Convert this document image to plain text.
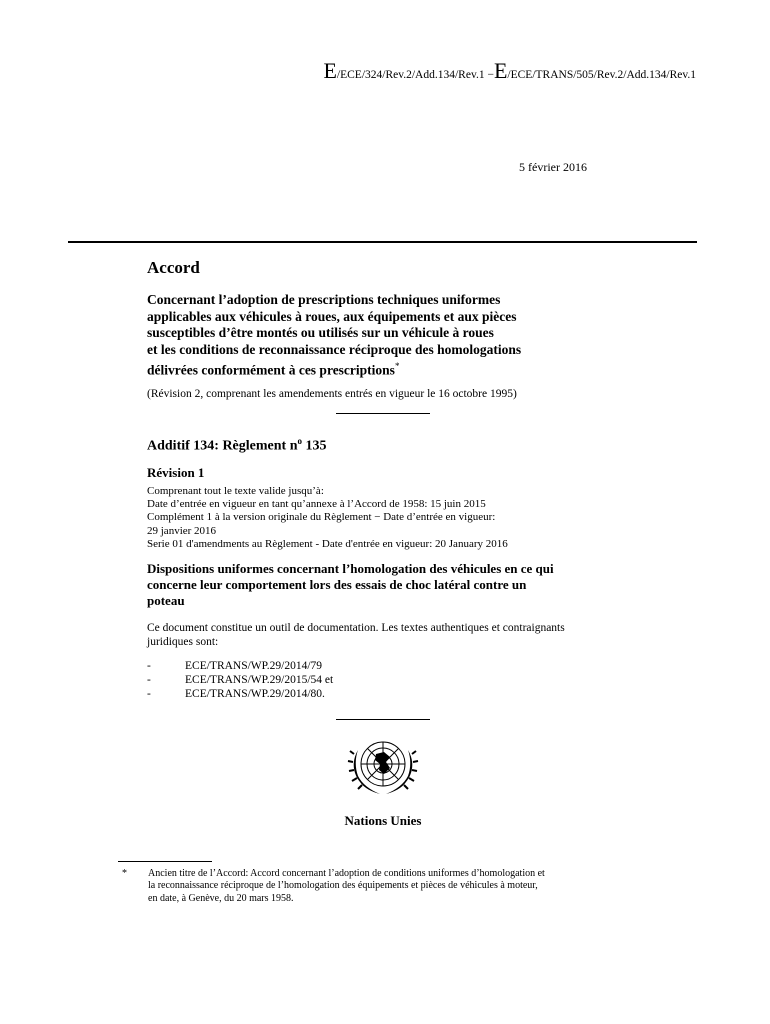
E/ECE/324/Rev.2/Add.134/Rev.1 −E/ECE/TRANS/505/Rev.2/Add.134/Rev.1
5 février 2016
Accord
Concernant l’adoption de prescriptions techniques uniformes
applicables aux véhicules à roues, aux équipements et aux pièces
susceptibles d’être montés ou utilisés sur un véhicule à roues
et les conditions de reconnaissance réciproque des homologations
délivrées conformément à ces prescriptions*

(Révision 2, comprenant les amendements entrés en vigueur le 16 octobre 1995)

Additif 134: Règlement $n^o$ 135
Révision 1

Comprenant tout le texte valide jusqu’à:

Date d’entrée en vigueur en tant qu’annexe à l’Accord de 1958: 15 juin 2015

Complément 1 à la version originale du Règlement − Date d’entrée en vigueur:

29 janvier 2016

Serie 01 d'amendments au Règlement - Date d'entrée en vigueur: 20 January 2016

Dispositions uniformes concernant l’homologation des véhicules en ce qui
concerne leur comportement lors des essais de choc latéral contre un
poteau

Ce document constitue un outil de documentation. Les textes authentiques et contraignants

juridiques sont:

-	ECE/TRANS/WP.29/2014/79
-	ECE/TRANS/WP.29/2015/54 et
-	ECE/TRANS/WP.29/2014/80.
Nations Unies
* Ancien titre de l’Accord: Accord concernant l’adoption de conditions uniformes d’homologation et
la reconnaissance réciproque de l’homologation des équipements et pièces de véhicules à moteur,
en date, à Genève, du 20 mars 1958.
